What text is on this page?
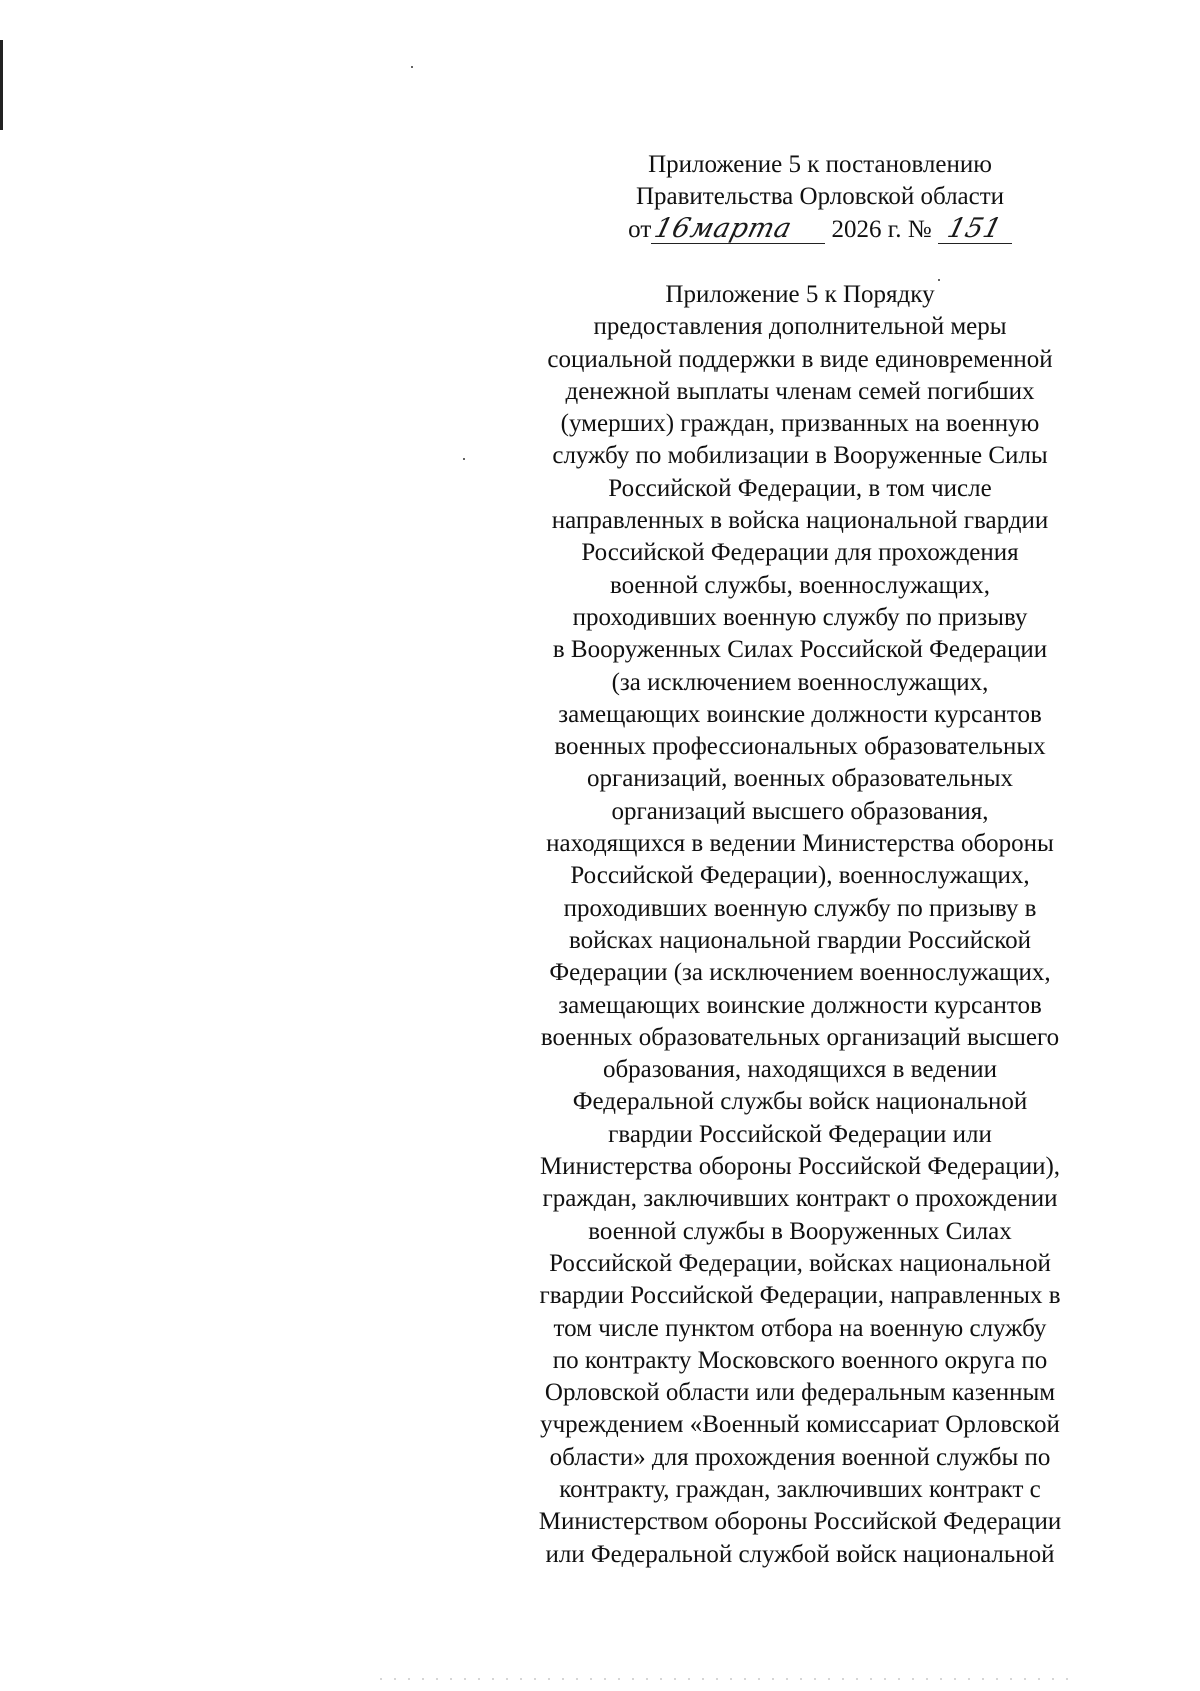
Приложение 5 к постановлению
Правительства Орловской области
от16марта 2026 г. № 151
Приложение 5 к Порядку
предоставления дополнительной меры
социальной поддержки в виде единовременной
денежной выплаты членам семей погибших
(умерших) граждан, призванных на военную
службу по мобилизации в Вооруженные Силы
Российской Федерации, в том числе
направленных в войска национальной гвардии
Российской Федерации для прохождения
военной службы, военнослужащих,
проходивших военную службу по призыву
в Вооруженных Силах Российской Федерации
(за исключением военнослужащих,
замещающих воинские должности курсантов
военных профессиональных образовательных
организаций, военных образовательных
организаций высшего образования,
находящихся в ведении Министерства обороны
Российской Федерации), военнослужащих,
проходивших военную службу по призыву в
войсках национальной гвардии Российской
Федерации (за исключением военнослужащих,
замещающих воинские должности курсантов
военных образовательных организаций высшего
образования, находящихся в ведении
Федеральной службы войск национальной
гвардии Российской Федерации или
Министерства обороны Российской Федерации),
граждан, заключивших контракт о прохождении
военной службы в Вооруженных Силах
Российской Федерации, войсках национальной
гвардии Российской Федерации, направленных в
том числе пунктом отбора на военную службу
по контракту Московского военного округа по
Орловской области или федеральным казенным
учреждением «Военный комиссариат Орловской
области» для прохождения военной службы по
контракту, граждан, заключивших контракт с
Министерством обороны Российской Федерации
или Федеральной службой войск национальной
